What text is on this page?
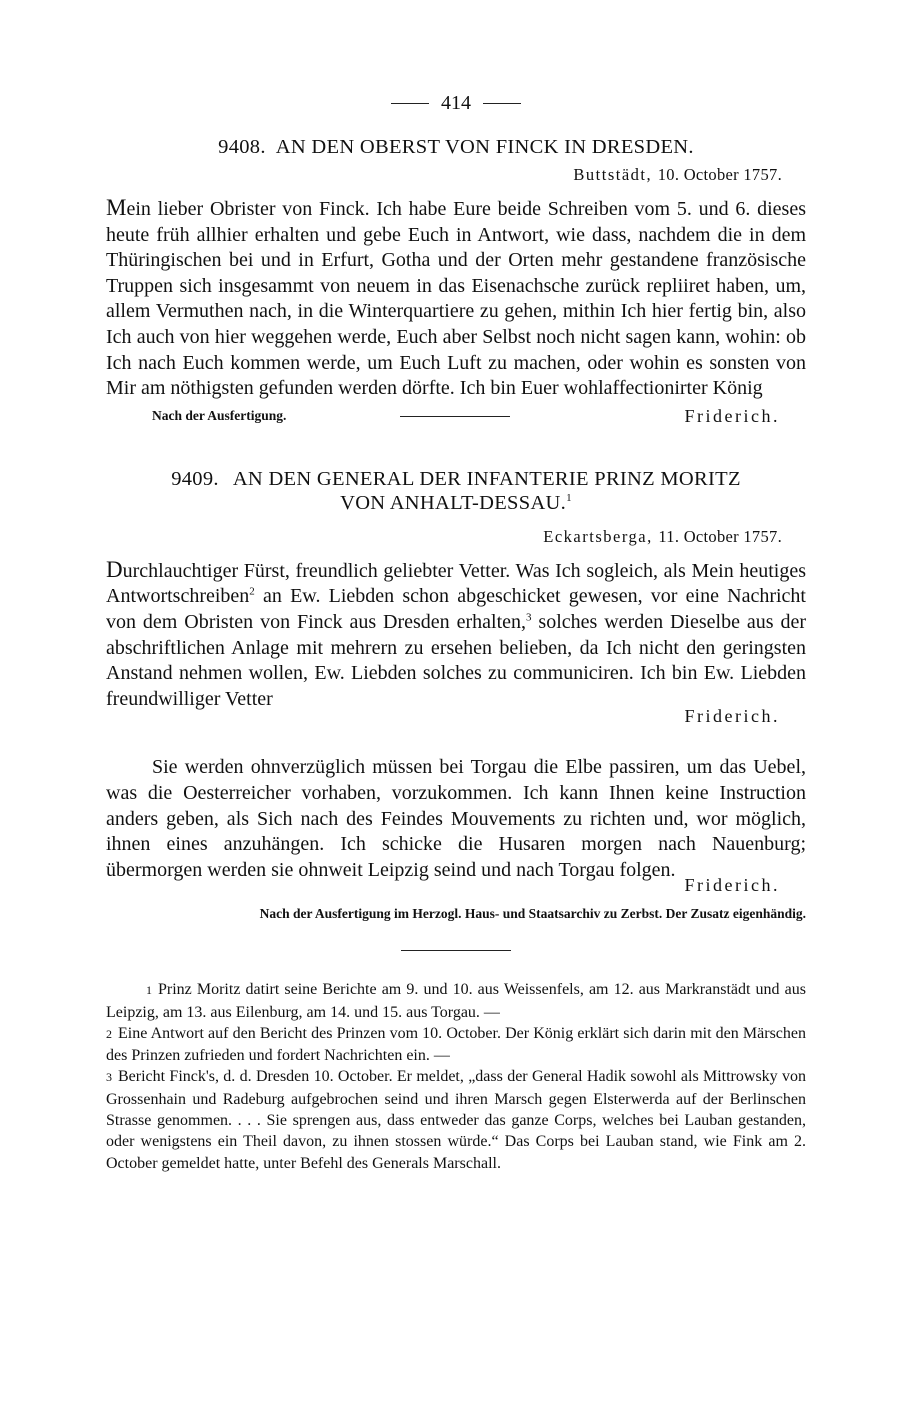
414
9408. AN DEN OBERST VON FINCK IN DRESDEN.
Buttstädt, 10. October 1757.
Mein lieber Obrister von Finck. Ich habe Eure beide Schreiben vom 5. und 6. dieses heute früh allhier erhalten und gebe Euch in Antwort, wie dass, nachdem die in dem Thüringischen bei und in Erfurt, Gotha und der Orten mehr gestandene französische Truppen sich insgesammt von neuem in das Eisenachsche zurück repliiret haben, um, allem Vermuthen nach, in die Winterquartiere zu gehen, mithin Ich hier fertig bin, also Ich auch von hier weggehen werde, Euch aber Selbst noch nicht sagen kann, wohin: ob Ich nach Euch kommen werde, um Euch Luft zu machen, oder wohin es sonsten von Mir am nöthigsten gefunden werden dörfte. Ich bin Euer wohlaffectionirter König
Nach der Ausfertigung.	Friderich.
9409. AN DEN GENERAL DER INFANTERIE PRINZ MORITZ
VON ANHALT-DESSAU.$^1$
Eckartsberga, 11. October 1757.
Durchlauchtiger Fürst, freundlich geliebter Vetter. Was Ich sogleich, als Mein heutiges Antwortschreiben$^2$ an Ew. Liebden schon abgeschicket gewesen, vor eine Nachricht von dem Obristen von Finck aus Dresden erhalten,$^3$ solches werden Dieselbe aus der abschriftlichen Anlage mit mehrern zu ersehen belieben, da Ich nicht den geringsten Anstand nehmen wollen, Ew. Liebden solches zu communiciren. Ich bin Ew. Liebden freundwilliger Vetter
Friderich.
Sie werden ohnverzüglich müssen bei Torgau die Elbe passiren, um das Uebel, was die Oesterreicher vorhaben, vorzukommen. Ich kann Ihnen keine Instruction anders geben, als Sich nach des Feindes Mouvements zu richten und, wor möglich, ihnen eines anzuhängen. Ich schicke die Husaren morgen nach Nauenburg; übermorgen werden sie ohnweit Leipzig seind und nach Torgau folgen.
Friderich.
Nach der Ausfertigung im Herzogl. Haus- und Staatsarchiv zu Zerbst. Der Zusatz eigenhändig.

1 Prinz Moritz datirt seine Berichte am 9. und 10. aus Weissenfels, am 12. aus Markranstädt und aus Leipzig, am 13. aus Eilenburg, am 14. und 15. aus Torgau. —

2 Eine Antwort auf den Bericht des Prinzen vom 10. October. Der König erklärt sich darin mit den Märschen des Prinzen zufrieden und fordert Nachrichten ein. —

3 Bericht Finck's, d. d. Dresden 10. October. Er meldet, „dass der General Hadik sowohl als Mittrowsky von Grossenhain und Radeburg aufgebrochen seind und ihren Marsch gegen Elsterwerda auf der Berlinschen Strasse genommen. . . . Sie sprengen aus, dass entweder das ganze Corps, welches bei Lauban gestanden, oder wenigstens ein Theil davon, zu ihnen stossen würde.“ Das Corps bei Lauban stand, wie Fink am 2. October gemeldet hatte, unter Befehl des Generals Marschall.
